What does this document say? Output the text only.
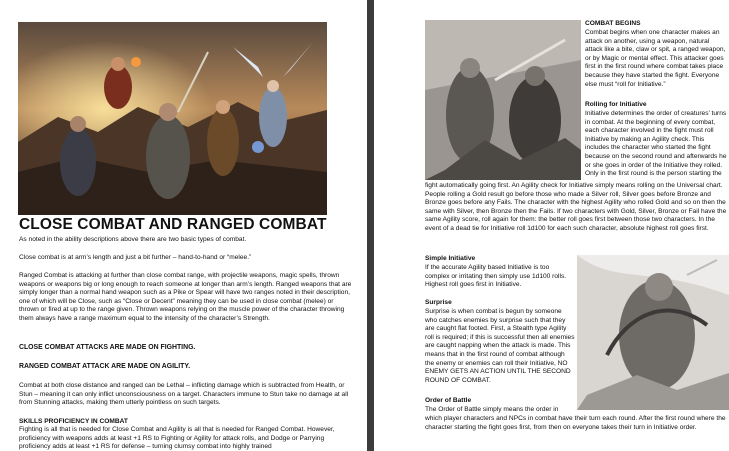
CLOSE COMBAT AND RANGED COMBAT

As noted in the ability descriptions above there are two basic types of combat.

Close combat is at arm’s length and just a bit further – hand-to-hand or “melee.”

Ranged Combat is attacking at further than close combat range, with projectile weapons, magic spells, thrown weapons or weapons big or long enough to reach someone at longer than arm’s length. Ranged weapons that are simply longer than a normal hand weapon such as a Pike or Spear will have two ranges noted in their description, one of which will be Close, such as “Close or Decent” meaning they can be used in close combat (melee) or thrown or fired at up to the range given. Thrown weapons relying on the muscle power of the character throwing them always have a range maximum equal to the intensity of the character’s Strength.

CLOSE COMBAT ATTACKS ARE MADE ON FIGHTING.

RANGED COMBAT ATTACK ARE MADE ON AGILITY.

Combat at both close distance and ranged can be Lethal – inflicting damage which is subtracted from Health, or Stun – meaning it can only inflict unconsciousness on a target. Characters immune to Stun take no damage at all from Stunning attacks, making them utterly pointless on such targets.

SKILLS PROFICIENCY IN COMBAT

Fighting is all that is needed for Close Combat and Agility is all that is needed for Ranged Combat. However, proficiency with weapons adds at least +1 RS to Fighting or Agility for attack rolls, and Dodge or Parrying proficiency adds at least +1 RS for defense – turning clumsy combat into highly trained

COMBAT BEGINS

Combat begins when one character makes an attack on another, using a weapon, natural attack like a bite, claw or spit, a ranged weapon, or by Magic or mental effect. This attacker goes first in the first round where combat takes place because they have started the fight. Everyone else must “roll for Initiative.”

Rolling for Initiative

Initiative determines the order of creatures’ turns in combat. At the beginning of every combat, each character involved in the fight must roll Initiative by making an Agility check. This includes the character who started the fight because on the second round and afterwards he or she goes in order of the Initiative they rolled. Only in the first round is the person starting the

fight automatically going first. An Agility check for Initiative simply means rolling on the Universal chart. People rolling a Gold result go before those who made a Silver roll, Silver goes before Bronze and Bronze goes before any Fails. The character with the highest Agility who rolled Gold and so on then the same with Silver, then Bronze then the Fails. If two characters with Gold, Silver, Bronze or Fail have the same Agility score, roll again for them: the better roll goes first between those two characters. In the event of a dead tie for Initiative roll 1d100 for each such character, absolute highest roll goes first.

Simple Initiative

If the accurate Agility based Initiative is too complex or irritating then simply use 1d100 rolls. Highest roll goes first in Initiative.

Surprise

Surprise is when combat is begun by someone who catches enemies by surprise such that they are caught flat footed. First, a Stealth type Agility roll is required; if this is successful then all enemies are caught napping when the attack is made. This means that in the first round of combat although the enemy or enemies can roll their Initiative, NO ENEMY GETS AN ACTION UNTIL THE SECOND ROUND OF COMBAT.

Order of Battle

The Order of Battle simply means the order in

which player characters and NPCs in combat have their turn each round. After the first round where the character starting the fight goes first, from then on everyone takes their turn in Initiative order.
